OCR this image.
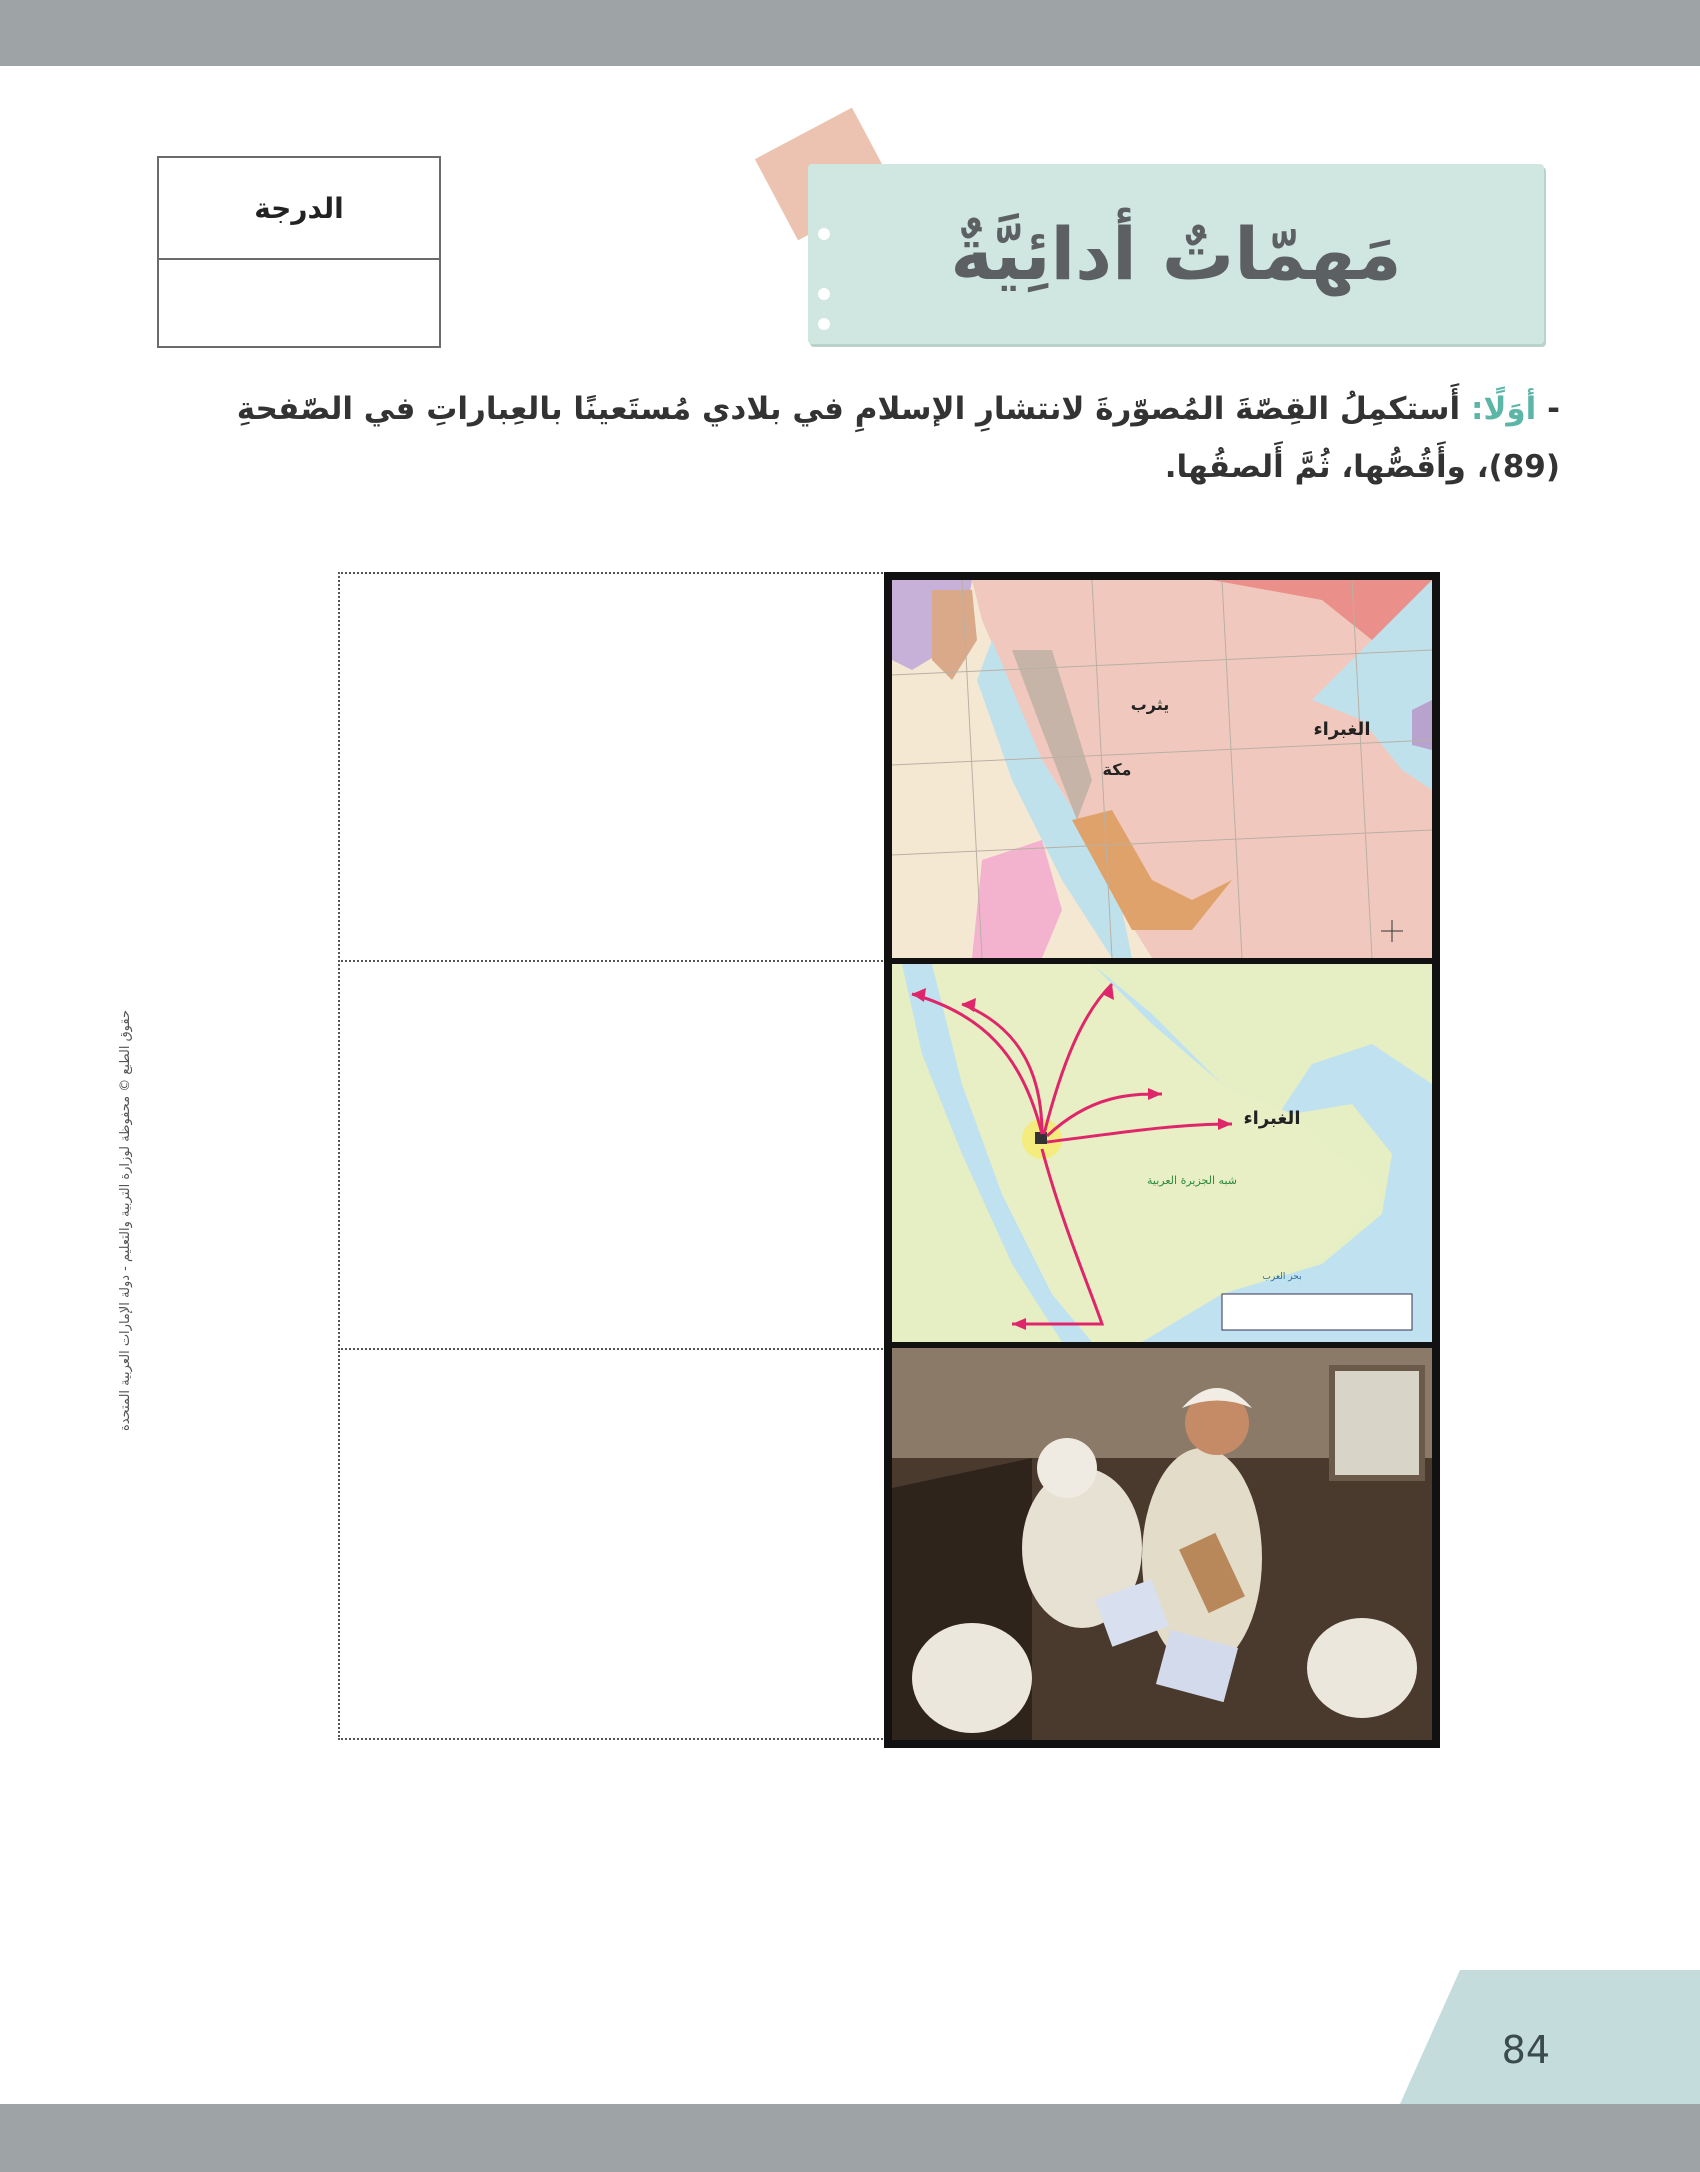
الدرجة
مَهمّاتٌ أدائِيَّةٌ
- أوَلًا: أَستكمِلُ القِصّةَ المُصوّرةَ لانتشارِ الإسلامِ في بلادي مُستَعينًا بالعِباراتِ في الصّفحةِ (89)، وأَقُصُّها، ثُمَّ أَلصقُها.
يثرب
مكة
الغبراء
الغبراء
شبه الجزيرة العربية
بحر العرب
حقوق الطبع © محفوظة لوزارة التربية والتعليم - دولة الإمارات العربية المتحدة
84
